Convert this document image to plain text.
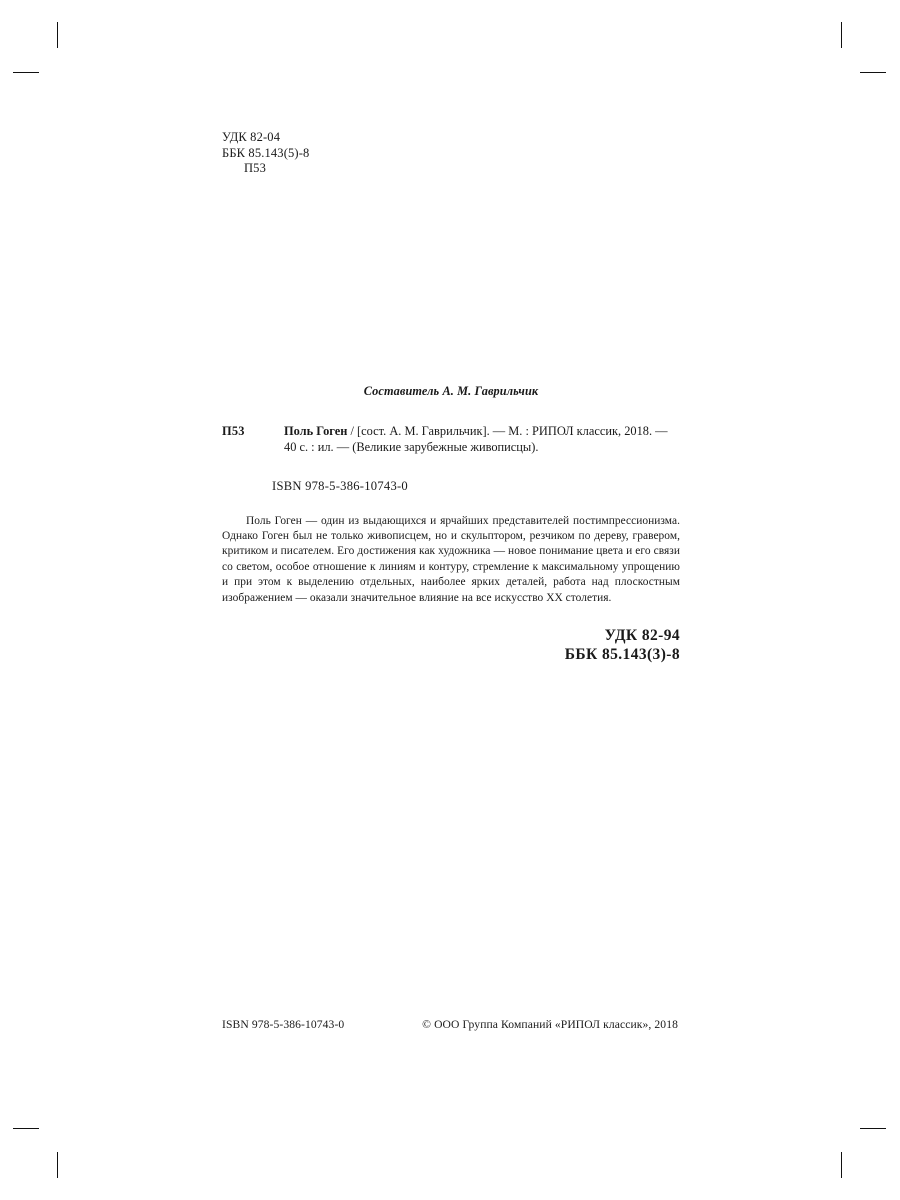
УДК 82-04
ББК 85.143(5)-8
П53
Составитель А. М. Гаврильчик
П53	Поль Гоген / [сост. А. М. Гаврильчик]. — М. : РИПОЛ классик, 2018. — 40 с. : ил. — (Великие зарубежные живописцы).
ISBN 978-5-386-10743-0
Поль Гоген — один из выдающихся и ярчайших представителей постимпрессионизма. Однако Гоген был не только живописцем, но и скульптором, резчиком по дереву, гравером, критиком и писателем. Его достижения как художника — новое понимание цвета и его связи со светом, особое отношение к линиям и контуру, стремление к максимальному упрощению и при этом к выделению отдельных, наиболее ярких деталей, работа над плоскостным изображением — оказали значительное влияние на все искусство XX столетия.
УДК 82-94
ББК 85.143(3)-8
ISBN 978-5-386-10743-0	© ООО Группа Компаний «РИПОЛ классик», 2018
